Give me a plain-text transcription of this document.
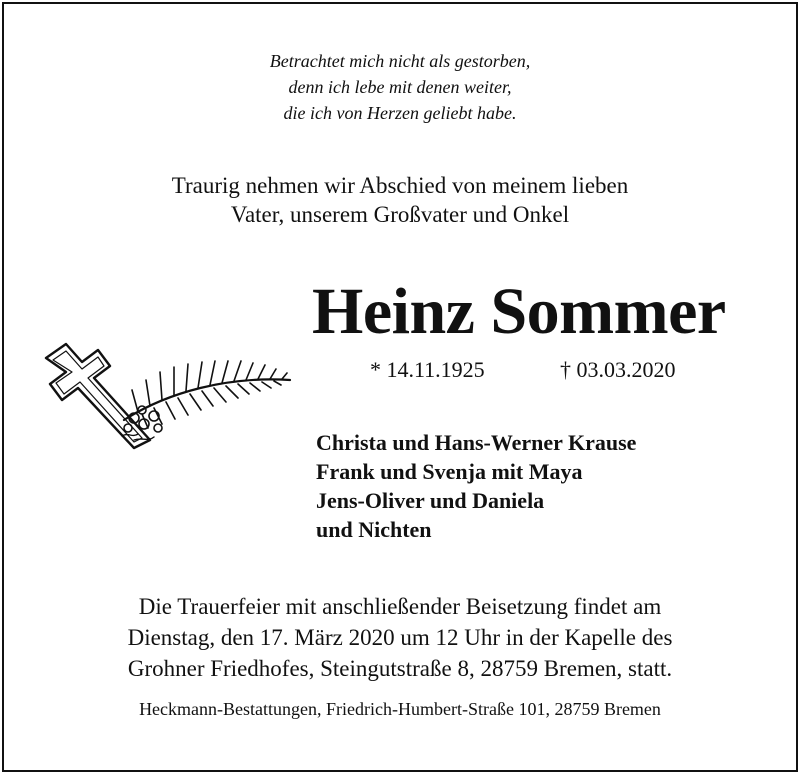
Betrachtet mich nicht als gestorben,
denn ich lebe mit denen weiter,
die ich von Herzen geliebt habe.
Traurig nehmen wir Abschied von meinem lieben
Vater, unserem Großvater und Onkel
Heinz Sommer
* 14.11.1925	† 03.03.2020
Christa und Hans-Werner Krause
Frank und Svenja mit Maya
Jens-Oliver und Daniela
und Nichten
Die Trauerfeier mit anschließender Beisetzung findet am
Dienstag, den 17. März 2020 um 12 Uhr in der Kapelle des
Grohner Friedhofes, Steingutstraße 8, 28759 Bremen, statt.
Heckmann-Bestattungen, Friedrich-Humbert-Straße 101, 28759 Bremen
